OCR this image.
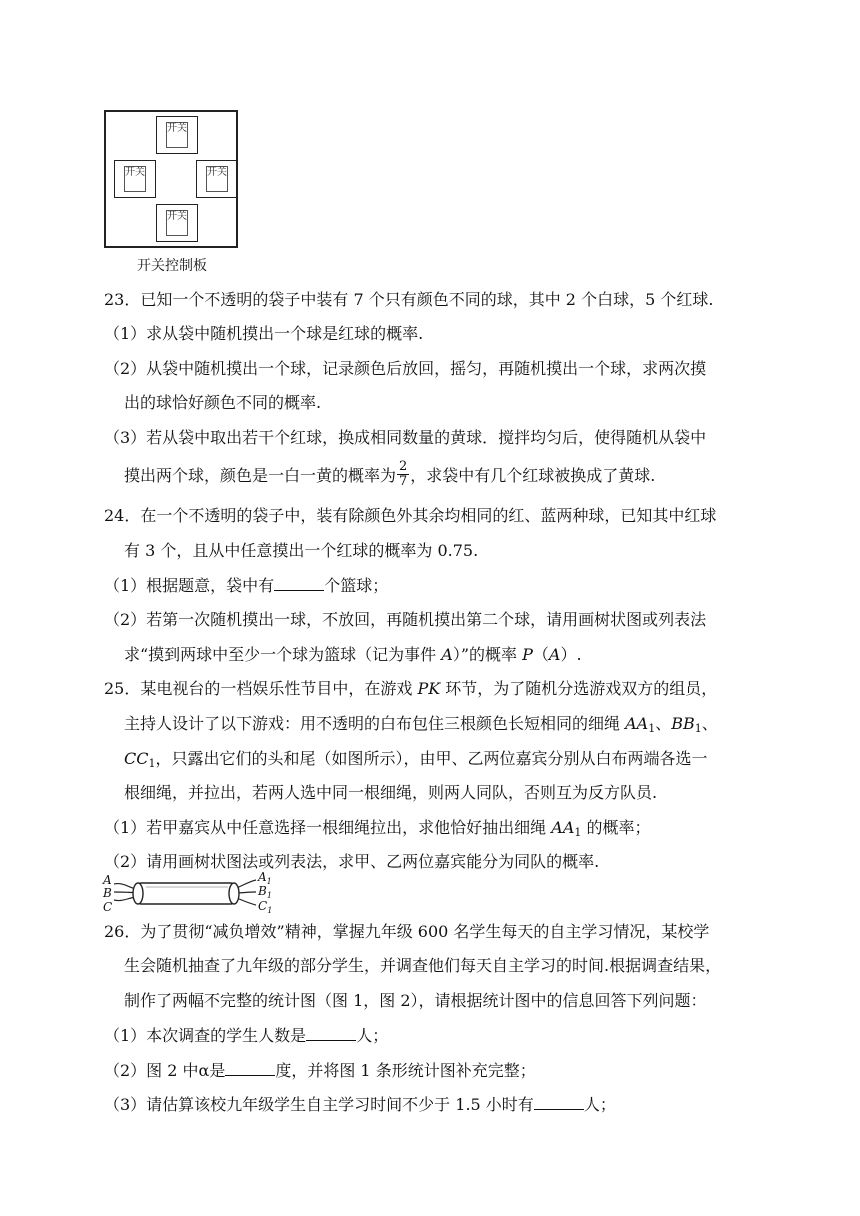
开关
开关	开关
开关
开关控制板
23．已知一个不透明的袋子中装有 7 个只有颜色不同的球，其中 2 个白球，5 个红球.
（1）求从袋中随机摸出一个球是红球的概率.
（2）从袋中随机摸出一个球，记录颜色后放回，摇匀，再随机摸出一个球，求两次摸
出的球恰好颜色不同的概率.
（3）若从袋中取出若干个红球，换成相同数量的黄球．搅拌均匀后，使得随机从袋中
摸出两个球，颜色是一白一黄的概率为 $\frac{2}{7}$ ，求袋中有几个红球被换成了黄球.
24．在一个不透明的袋子中，装有除颜色外其余均相同的红、蓝两种球，已知其中红球
有 3 个，且从中任意摸出一个红球的概率为 0.75.
（1）根据题意，袋中有	个篮球；
（2）若第一次随机摸出一球，不放回，再随机摸出第二个球，请用画树状图或列表法
求“摸到两球中至少一个球为篮球（记为事件 A）”的概率 P（A）.
25．某电视台的一档娱乐性节目中，在游戏 PK 环节，为了随机分选游戏双方的组员，
主持人设计了以下游戏：用不透明的白布包住三根颜色长短相同的细绳 $AA_1$、$BB_1$、
$CC_1$，只露出它们的头和尾（如图所示），由甲、乙两位嘉宾分别从白布两端各选一
根细绳，并拉出，若两人选中同一根细绳，则两人同队，否则互为反方队员.
（1）若甲嘉宾从中任意选择一根细绳拉出，求他恰好抽出细绳 $AA_1$ 的概率；
（2）请用画树状图法或列表法，求甲、乙两位嘉宾能分为同队的概率.
A
B
C
$A_1$
$B_1$
$C_1$
26．为了贯彻“减负增效”精神，掌握九年级 600 名学生每天的自主学习情况，某校学
生会随机抽查了九年级的部分学生，并调查他们每天自主学习的时间.根据调查结果，
制作了两幅不完整的统计图（图 1，图 2），请根据统计图中的信息回答下列问题：
（1）本次调查的学生人数是	人；
（2）图 2 中α是	度，并将图 1 条形统计图补充完整；
（3）请估算该校九年级学生自主学习时间不少于 1.5 小时有	人；
